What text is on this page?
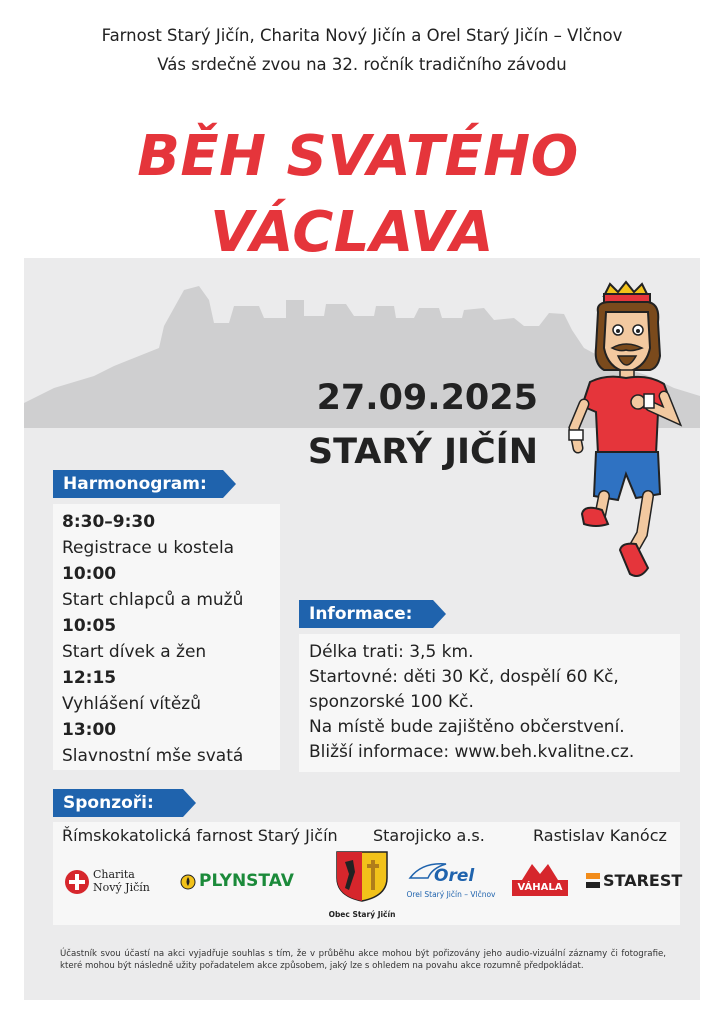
Farnost Starý Jičín, Charita Nový Jičín a Orel Starý Jičín – Vlčnov
Vás srdečně zvou na 32. ročník tradičního závodu
BĚH SVATÉHO
VÁCLAVA
27.09.2025
STARÝ JIČÍN
Harmonogram:
8:30–9:30
Registrace u kostela
10:00
Start chlapců a mužů
10:05
Start dívek a žen
12:15
Vyhlášení vítězů
13:00
Slavnostní mše svatá
Informace:
Délka trati: 3,5 km.
Startovné: děti 30 Kč, dospělí 60 Kč,
sponzorské 100 Kč.
Na místě bude zajištěno občerstvení.
Bližší informace: www.beh.kvalitne.cz.
Sponzoři:
Římskokatolická farnost Starý Jičín Starojicko a.s.	Rastislav Kanócz
Charita
Nový Jičín	PLYNSTAV
Obec Starý Jičín
Orel
Orel Starý Jičín – Vlčnov
VÁHALA	STAREST
Účastník svou účastí na akci vyjadřuje souhlas s tím, že v průběhu akce mohou být pořizovány jeho audio-vizuální záznamy či fotografie, které mohou být následně užity pořadatelem akce způsobem, jaký lze s ohledem na povahu akce rozumně předpokládat.
